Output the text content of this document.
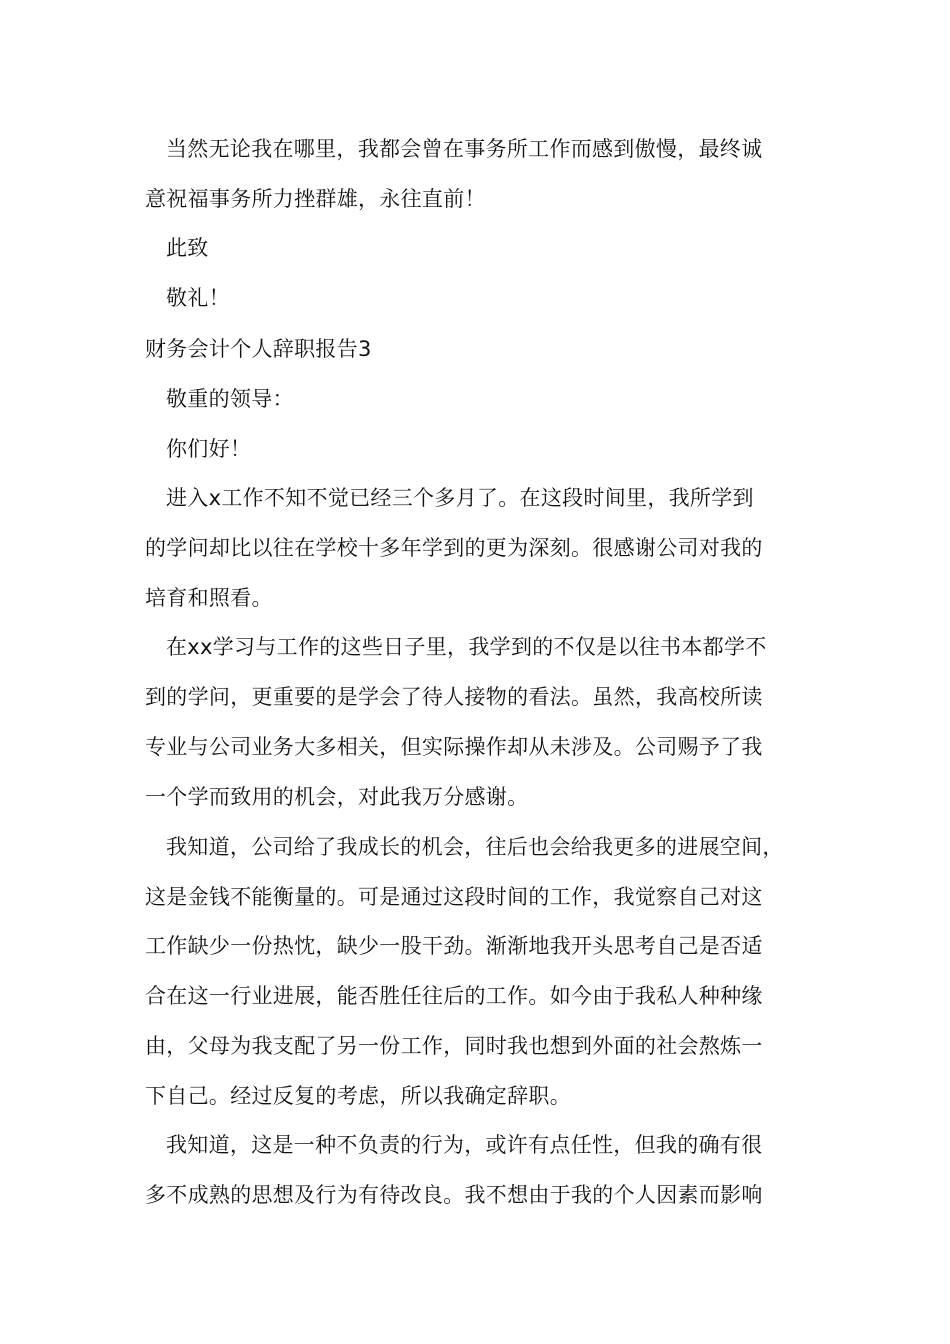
当然无论我在哪里，我都会曾在事务所工作而感到傲慢，最终诚
意祝福事务所力挫群雄，永往直前！
此致
敬礼！
财务会计个人辞职报告3
敬重的领导：
你们好！
进入x工作不知不觉已经三个多月了。在这段时间里，我所学到
的学问却比以往在学校十多年学到的更为深刻。很感谢公司对我的
培育和照看。
在xx学习与工作的这些日子里，我学到的不仅是以往书本都学不
到的学问，更重要的是学会了待人接物的看法。虽然，我高校所读
专业与公司业务大多相关，但实际操作却从未涉及。公司赐予了我
一个学而致用的机会，对此我万分感谢。
我知道，公司给了我成长的机会，往后也会给我更多的进展空间，
这是金钱不能衡量的。可是通过这段时间的工作，我觉察自己对这
工作缺少一份热忱，缺少一股干劲。渐渐地我开头思考自己是否适
合在这一行业进展，能否胜任往后的工作。如今由于我私人种种缘
由，父母为我支配了另一份工作，同时我也想到外面的社会熬炼一
下自己。经过反复的考虑，所以我确定辞职。
我知道，这是一种不负责的行为，或许有点任性，但我的确有很
多不成熟的思想及行为有待改良。我不想由于我的个人因素而影响
